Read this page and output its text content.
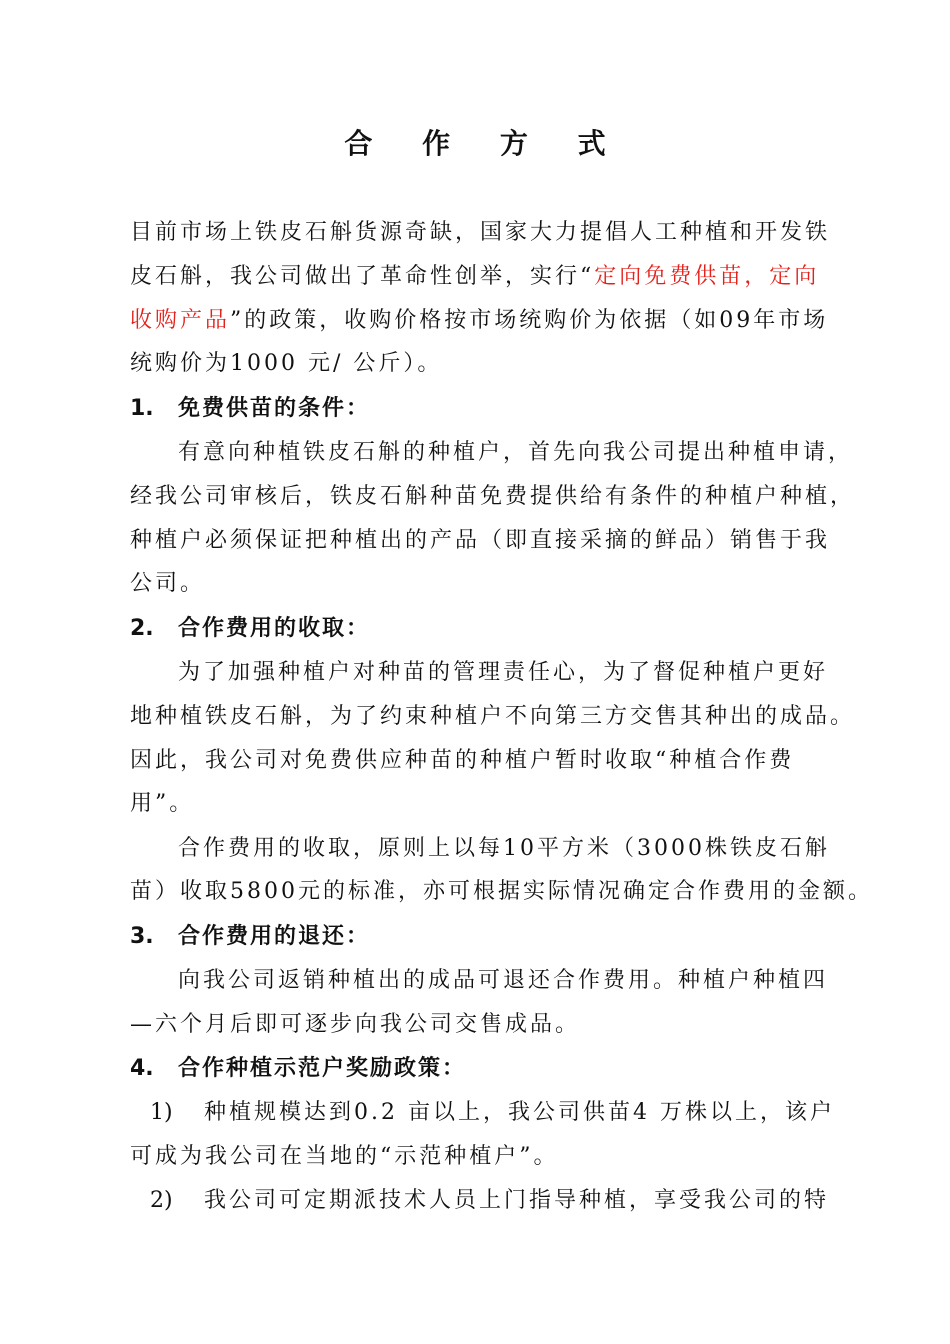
合 作 方 式
目前市场上铁皮石斛货源奇缺，国家大力提倡人工种植和开发铁
皮石斛，我公司做出了革命性创举，实行“定向免费供苗，定向
收购产品”的政策，收购价格按市场统购价为依据（如09年市场
统购价为1000 元/ 公斤）。
1. 免费供苗的条件：
有意向种植铁皮石斛的种植户，首先向我公司提出种植申请，
经我公司审核后，铁皮石斛种苗免费提供给有条件的种植户种植，
种植户必须保证把种植出的产品（即直接采摘的鲜品）销售于我
公司。
2. 合作费用的收取：
为了加强种植户对种苗的管理责任心，为了督促种植户更好
地种植铁皮石斛，为了约束种植户不向第三方交售其种出的成品。
因此，我公司对免费供应种苗的种植户暂时收取“种植合作费
用”。
合作费用的收取，原则上以每10平方米（3000株铁皮石斛
苗）收取5800元的标准，亦可根据实际情况确定合作费用的金额。
3. 合作费用的退还：
向我公司返销种植出的成品可退还合作费用。种植户种植四
—六个月后即可逐步向我公司交售成品。
4. 合作种植示范户奖励政策：
1) 种植规模达到0.2 亩以上，我公司供苗4 万株以上，该户
可成为我公司在当地的“示范种植户”。
2) 我公司可定期派技术人员上门指导种植，享受我公司的特
